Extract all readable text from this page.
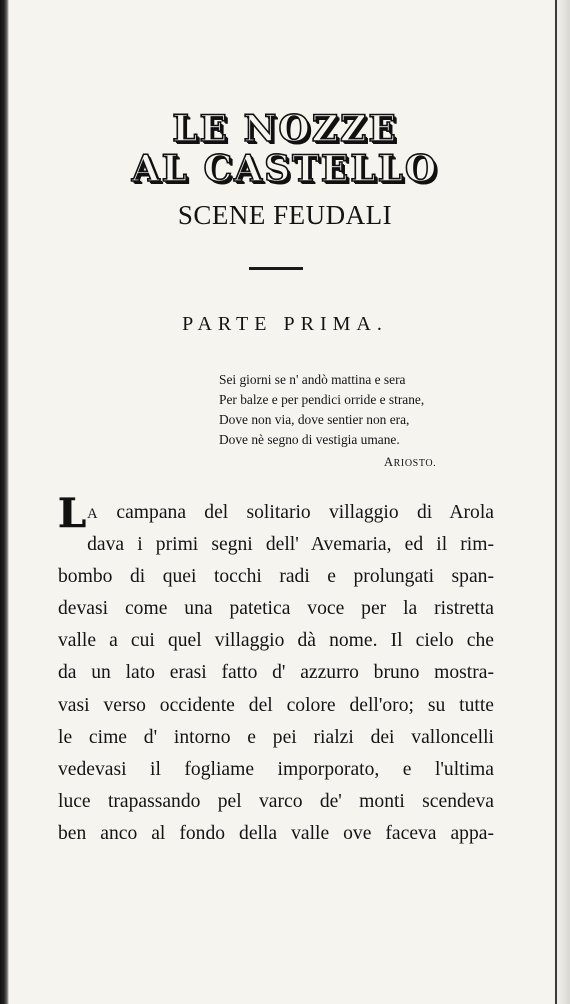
LE NOZZE
AL CASTELLO
SCENE FEUDALI
PARTE PRIMA.
Sei giorni se n' andò mattina e sera
Per balze e per pendici orride e strane,
Dove non via, dove sentier non era,
Dove nè segno di vestigia umane.
ARIOSTO.
L A campana del solitario villaggio di Arola
dava i primi segni dell' Avemaria, ed il rim-
bombo di quei tocchi radi e prolungati span-
devasi come una patetica voce per la ristretta
valle a cui quel villaggio dà nome. Il cielo che
da un lato erasi fatto d' azzurro bruno mostra-
vasi verso occidente del colore dell'oro; su tutte
le cime d' intorno e pei rialzi dei valloncelli
vedevasi il fogliame imporporato, e l'ultima
luce trapassando pel varco de' monti scendeva
ben anco al fondo della valle ove faceva appa-
